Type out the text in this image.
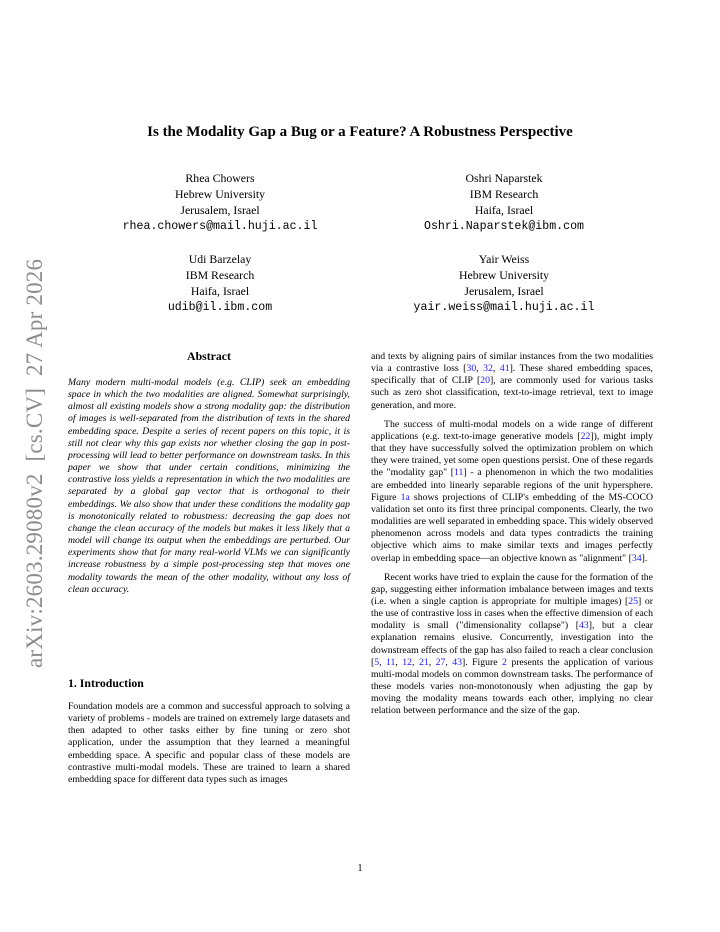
arXiv:2603.29080v2  [cs.CV]  27 Apr 2026
Is the Modality Gap a Bug or a Feature? A Robustness Perspective
Rhea Chowers
Hebrew University
Jerusalem, Israel
rhea.chowers@mail.huji.ac.il
Oshri Naparstek
IBM Research
Haifa, Israel
Oshri.Naparstek@ibm.com
Udi Barzelay
IBM Research
Haifa, Israel
udib@il.ibm.com
Yair Weiss
Hebrew University
Jerusalem, Israel
yair.weiss@mail.huji.ac.il
Abstract
Many modern multi-modal models (e.g. CLIP) seek an embedding space in which the two modalities are aligned. Somewhat surprisingly, almost all existing models show a strong modality gap: the distribution of images is well-separated from the distribution of texts in the shared embedding space. Despite a series of recent papers on this topic, it is still not clear why this gap exists nor whether closing the gap in post-processing will lead to better performance on downstream tasks. In this paper we show that under certain conditions, minimizing the contrastive loss yields a representation in which the two modalities are separated by a global gap vector that is orthogonal to their embeddings. We also show that under these conditions the modality gap is monotonically related to robustness: decreasing the gap does not change the clean accuracy of the models but makes it less likely that a model will change its output when the embeddings are perturbed. Our experiments show that for many real-world VLMs we can significantly increase robustness by a simple post-processing step that moves one modality towards the mean of the other modality, without any loss of clean accuracy.
1. Introduction
Foundation models are a common and successful approach to solving a variety of problems - models are trained on extremely large datasets and then adapted to other tasks either by fine tuning or zero shot application, under the assumption that they learned a meaningful embedding space. A specific and popular class of these models are contrastive multi-modal models. These are trained to learn a shared embedding space for different data types such as images

and texts by aligning pairs of similar instances from the two modalities via a contrastive loss [30, 32, 41]. These shared embedding spaces, specifically that of CLIP [20], are commonly used for various tasks such as zero shot classification, text-to-image retrieval, text to image generation, and more.

The success of multi-modal models on a wide range of different applications (e.g. text-to-image generative models [22]), might imply that they have successfully solved the optimization problem on which they were trained, yet some open questions persist. One of these regards the "modality gap" [11] - a phenomenon in which the two modalities are embedded into linearly separable regions of the unit hypersphere. Figure 1a shows projections of CLIP's embedding of the MS-COCO validation set onto its first three principal components. Clearly, the two modalities are well separated in embedding space. This widely observed phenomenon across models and data types contradicts the training objective which aims to make similar texts and images perfectly overlap in embedding space—an objective known as "alignment" [34].

Recent works have tried to explain the cause for the formation of the gap, suggesting either information imbalance between images and texts (i.e. when a single caption is appropriate for multiple images) [25] or the use of contrastive loss in cases when the effective dimension of each modality is small ("dimensionality collapse") [43], but a clear explanation remains elusive. Concurrently, investigation into the downstream effects of the gap has also failed to reach a clear conclusion [5, 11, 12, 21, 27, 43]. Figure 2 presents the application of various multi-modal models on common downstream tasks. The performance of these models varies non-monotonously when adjusting the gap by moving the modality means towards each other, implying no clear relation between performance and the size of the gap.

1
